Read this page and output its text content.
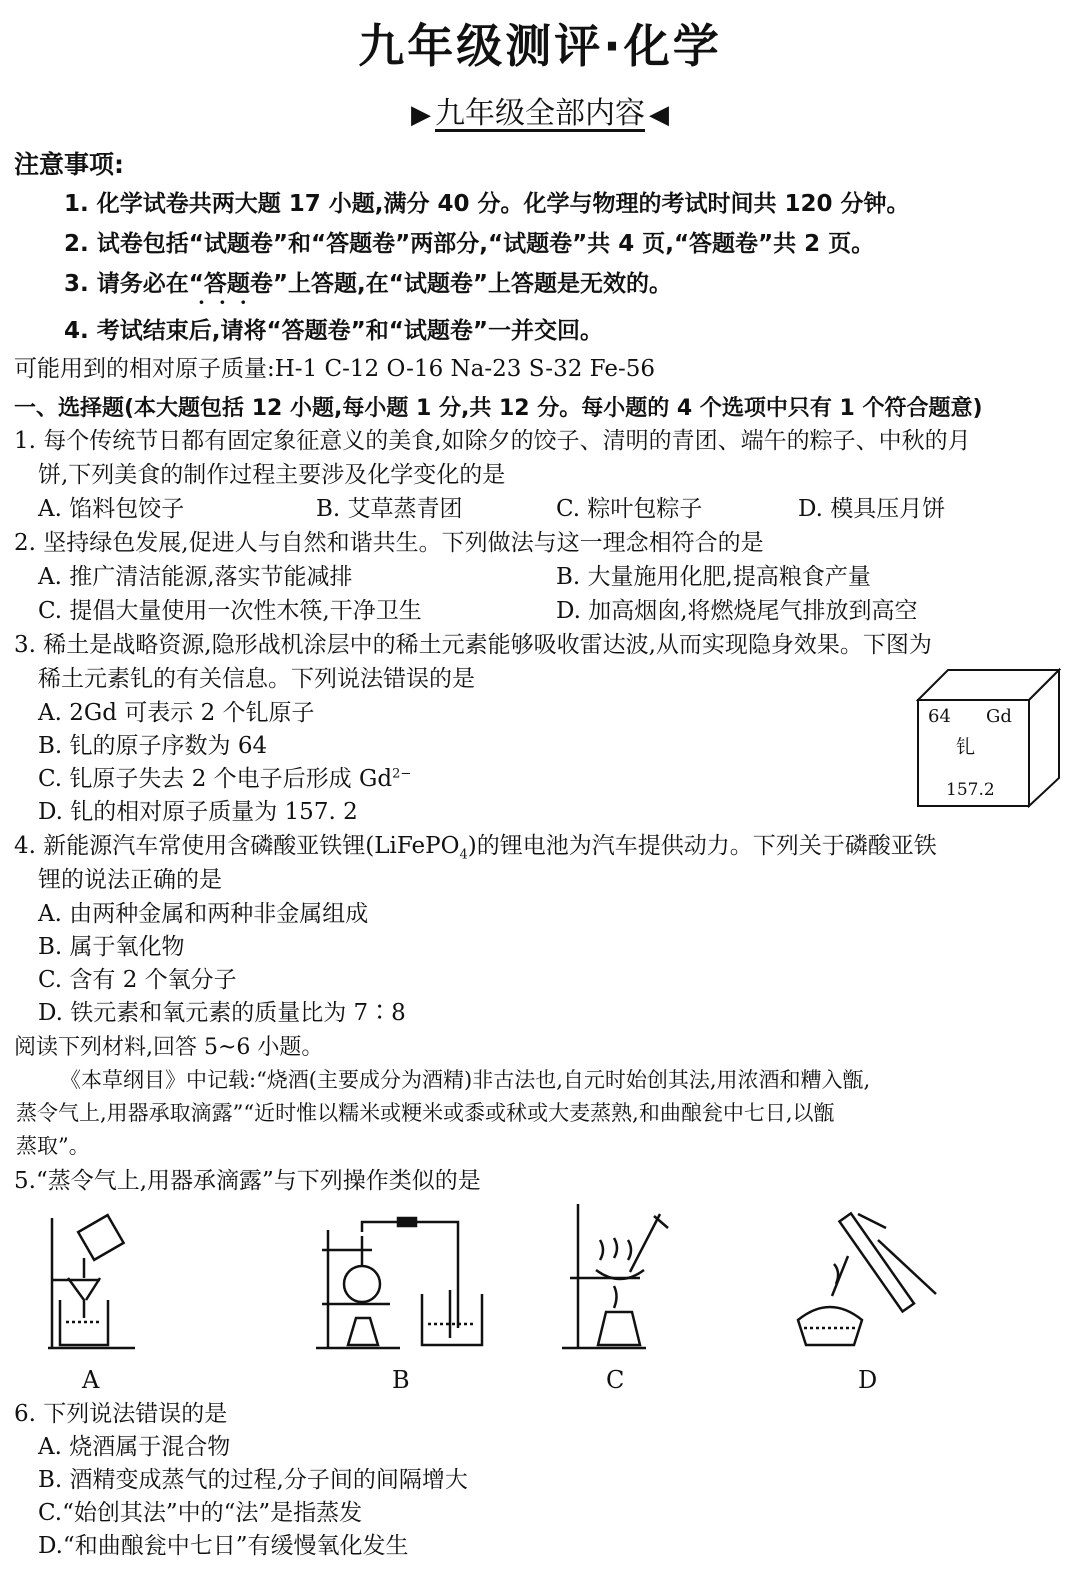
九年级测评·化学
▶ 九年级全部内容 ◀
注意事项:
1. 化学试卷共两大题 17 小题,满分 40 分。化学与物理的考试时间共 120 分钟。
2. 试卷包括“试题卷”和“答题卷”两部分,“试题卷”共 4 页,“答题卷”共 2 页。
3. 请务必在“答题卷”上答题,在“试题卷”上答题是无效的。
·  ·  ·
4. 考试结束后,请将“答题卷”和“试题卷”一并交回。
可能用到的相对原子质量:H-1 C-12 O-16 Na-23 S-32 Fe-56
一、选择题(本大题包括 12 小题,每小题 1 分,共 12 分。每小题的 4 个选项中只有 1 个符合题意)
1. 每个传统节日都有固定象征意义的美食,如除夕的饺子、清明的青团、端午的粽子、中秋的月
饼,下列美食的制作过程主要涉及化学变化的是
A. 馅料包饺子	B. 艾草蒸青团	C. 粽叶包粽子	D. 模具压月饼
2. 坚持绿色发展,促进人与自然和谐共生。下列做法与这一理念相符合的是
A. 推广清洁能源,落实节能减排	B. 大量施用化肥,提高粮食产量
C. 提倡大量使用一次性木筷,干净卫生	D. 加高烟囱,将燃烧尾气排放到高空
3. 稀土是战略资源,隐形战机涂层中的稀土元素能够吸收雷达波,从而实现隐身效果。下图为
稀土元素钆的有关信息。下列说法错误的是
A. 2Gd 可表示 2 个钆原子
B. 钆的原子序数为 64
C. 钆原子失去 2 个电子后形成 $Gd^{2-}$
D. 钆的相对原子质量为 157. 2
64 Gd
钆
157.2
4. 新能源汽车常使用含磷酸亚铁锂(LiFePO$_4$)的锂电池为汽车提供动力。下列关于磷酸亚铁
锂的说法正确的是
A. 由两种金属和两种非金属组成
B. 属于氧化物
C. 含有 2 个氧分子
D. 铁元素和氧元素的质量比为 7∶8
阅读下列材料,回答 5~6 小题。
《本草纲目》中记载:“烧酒(主要成分为酒精)非古法也,自元时始创其法,用浓酒和糟入甑,
蒸令气上,用器承取滴露”“近时惟以糯米或粳米或黍或秫或大麦蒸熟,和曲酿瓮中七日,以甑
蒸取”。
5.“蒸令气上,用器承滴露”与下列操作类似的是
A	B	C	D
6. 下列说法错误的是
A. 烧酒属于混合物
B. 酒精变成蒸气的过程,分子间的间隔增大
C.“始创其法”中的“法”是指蒸发
D.“和曲酿瓮中七日”有缓慢氧化发生
